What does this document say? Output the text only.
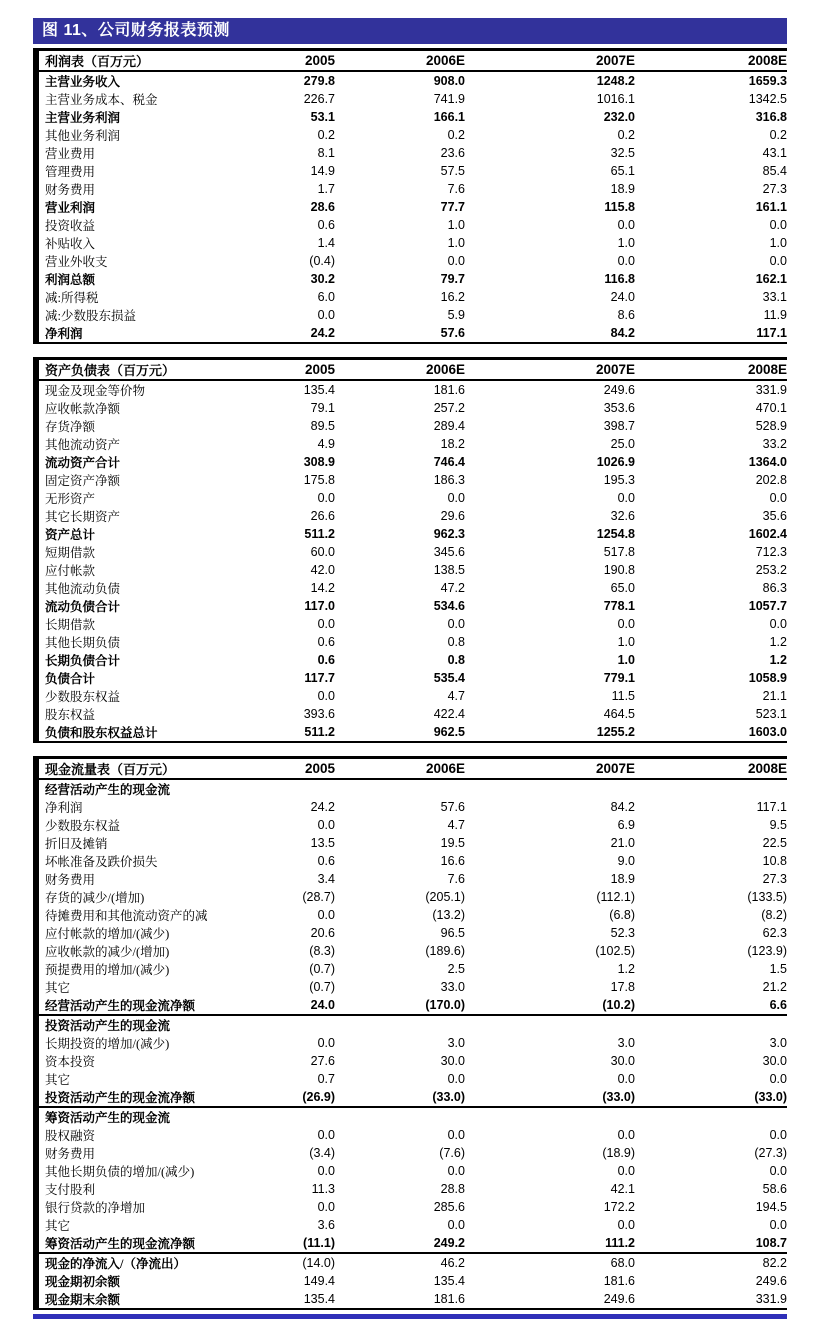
图 11、公司财务报表预测
利润表（百万元）	2005	2006E	2007E	2008E
主营业务收入	279.8	908.0	1248.2	1659.3
主营业务成本、税金	226.7	741.9	1016.1	1342.5
主营业务利润	53.1	166.1	232.0	316.8
其他业务利润	0.2	0.2	0.2	0.2
营业费用	8.1	23.6	32.5	43.1
管理费用	14.9	57.5	65.1	85.4
财务费用	1.7	7.6	18.9	27.3
营业利润	28.6	77.7	115.8	161.1
投资收益	0.6	1.0	0.0	0.0
补贴收入	1.4	1.0	1.0	1.0
营业外收支	(0.4)	0.0	0.0	0.0
利润总额	30.2	79.7	116.8	162.1
减:所得税	6.0	16.2	24.0	33.1
减:少数股东损益	0.0	5.9	8.6	11.9
净利润	24.2	57.6	84.2	117.1
资产负债表（百万元）	2005	2006E	2007E	2008E
现金及现金等价物	135.4	181.6	249.6	331.9
应收帐款净额	79.1	257.2	353.6	470.1
存货净额	89.5	289.4	398.7	528.9
其他流动资产	4.9	18.2	25.0	33.2
流动资产合计	308.9	746.4	1026.9	1364.0
固定资产净额	175.8	186.3	195.3	202.8
无形资产	0.0	0.0	0.0	0.0
其它长期资产	26.6	29.6	32.6	35.6
资产总计	511.2	962.3	1254.8	1602.4
短期借款	60.0	345.6	517.8	712.3
应付帐款	42.0	138.5	190.8	253.2
其他流动负债	14.2	47.2	65.0	86.3
流动负债合计	117.0	534.6	778.1	1057.7
长期借款	0.0	0.0	0.0	0.0
其他长期负债	0.6	0.8	1.0	1.2
长期负债合计	0.6	0.8	1.0	1.2
负债合计	117.7	535.4	779.1	1058.9
少数股东权益	0.0	4.7	11.5	21.1
股东权益	393.6	422.4	464.5	523.1
负债和股东权益总计	511.2	962.5	1255.2	1603.0
现金流量表（百万元）	2005	2006E	2007E	2008E
经营活动产生的现金流				
净利润	24.2	57.6	84.2	117.1
少数股东权益	0.0	4.7	6.9	9.5
折旧及摊销	13.5	19.5	21.0	22.5
坏帐准备及跌价损失	0.6	16.6	9.0	10.8
财务费用	3.4	7.6	18.9	27.3
存货的减少/(增加)	(28.7)	(205.1)	(112.1)	(133.5)
待摊费用和其他流动资产的减	0.0	(13.2)	(6.8)	(8.2)
应付帐款的增加/(减少)	20.6	96.5	52.3	62.3
应收帐款的减少/(增加)	(8.3)	(189.6)	(102.5)	(123.9)
预提费用的增加/(减少)	(0.7)	2.5	1.2	1.5
其它	(0.7)	33.0	17.8	21.2
经营活动产生的现金流净额	24.0	(170.0)	(10.2)	6.6
投资活动产生的现金流				
长期投资的增加/(减少)	0.0	3.0	3.0	3.0
资本投资	27.6	30.0	30.0	30.0
其它	0.7	0.0	0.0	0.0
投资活动产生的现金流净额	(26.9)	(33.0)	(33.0)	(33.0)
筹资活动产生的现金流				
股权融资	0.0	0.0	0.0	0.0
财务费用	(3.4)	(7.6)	(18.9)	(27.3)
其他长期负债的增加/(减少)	0.0	0.0	0.0	0.0
支付股利	11.3	28.8	42.1	58.6
银行贷款的净增加	0.0	285.6	172.2	194.5
其它	3.6	0.0	0.0	0.0
筹资活动产生的现金流净额	(11.1)	249.2	111.2	108.7
现金的净流入/（净流出）	(14.0)	46.2	68.0	82.2
现金期初余额	149.4	135.4	181.6	249.6
现金期末余额	135.4	181.6	249.6	331.9
